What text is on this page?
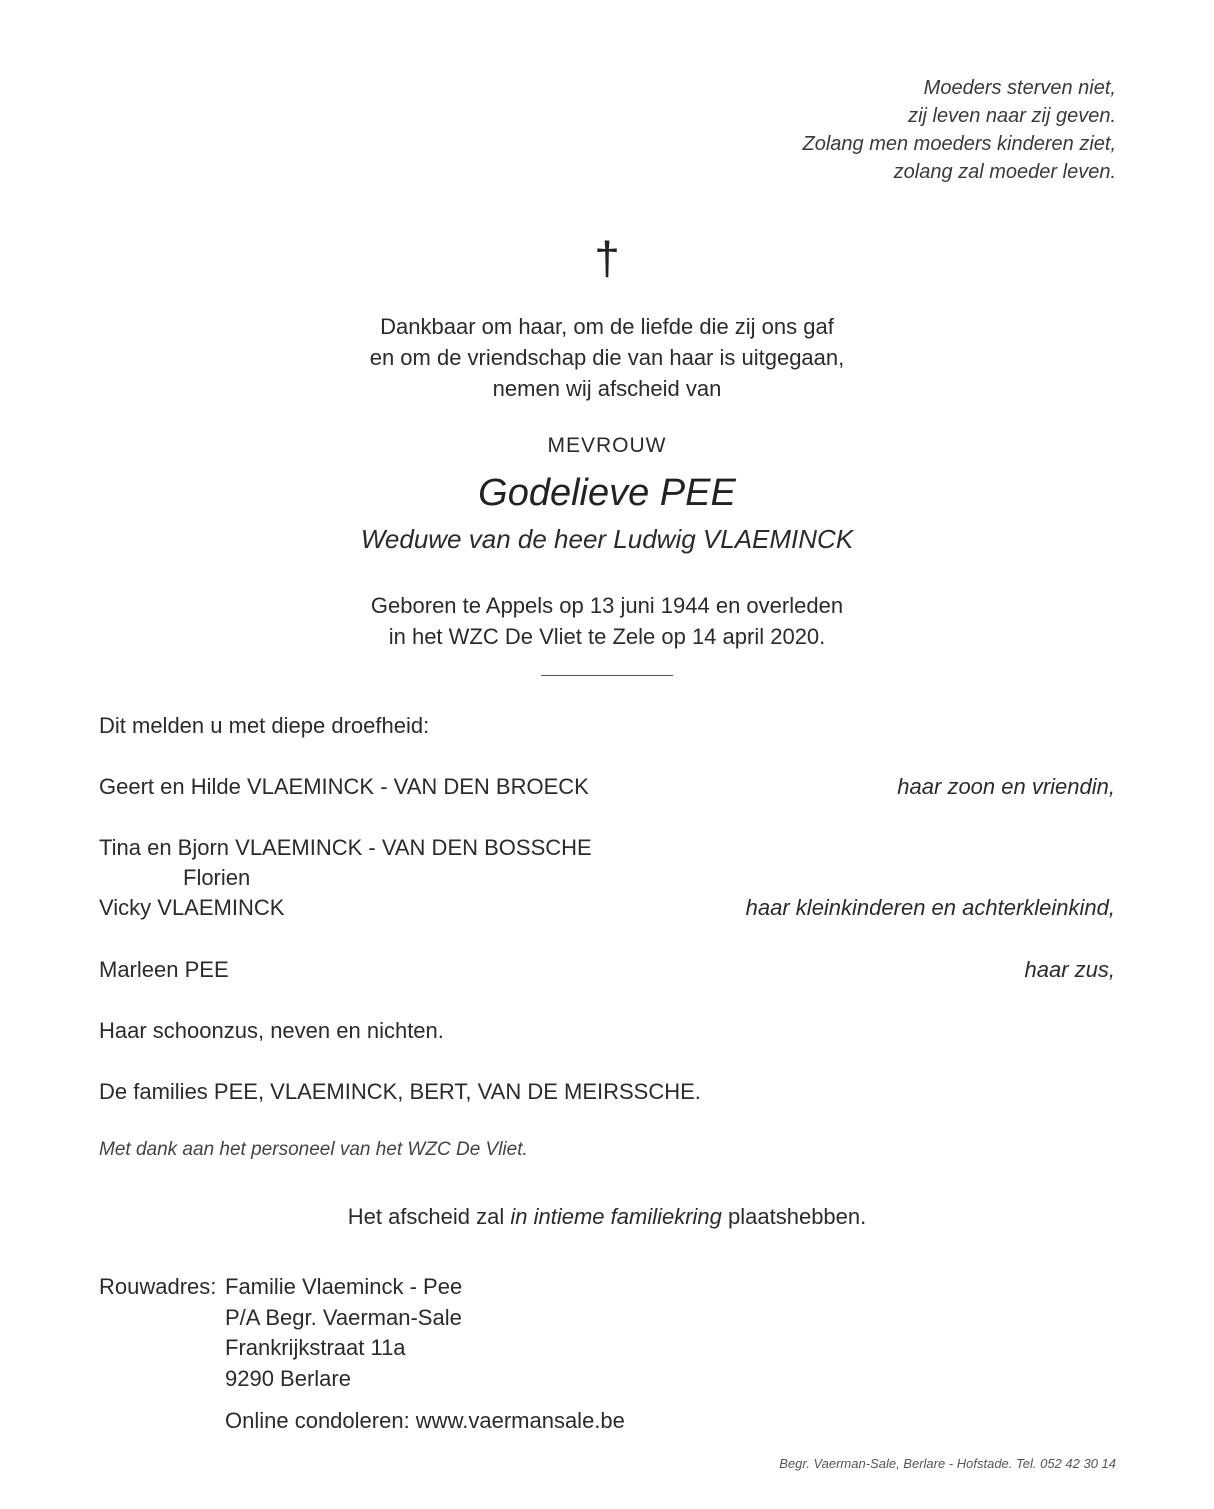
Moeders sterven niet,
zij leven naar zij geven.
Zolang men moeders kinderen ziet,
zolang zal moeder leven.
†
Dankbaar om haar, om de liefde die zij ons gaf
en om de vriendschap die van haar is uitgegaan,
nemen wij afscheid van
MEVROUW
Godelieve PEE
Weduwe van de heer Ludwig VLAEMINCK
Geboren te Appels op 13 juni 1944 en overleden
in het WZC De Vliet te Zele op 14 april 2020.
Dit melden u met diepe droefheid:
Geert en Hilde VLAEMINCK - VAN DEN BROECK	haar zoon en vriendin,
Tina en Bjorn VLAEMINCK - VAN DEN BOSSCHE
Florien
Vicky VLAEMINCK	haar kleinkinderen en achterkleinkind,
Marleen PEE	haar zus,
Haar schoonzus, neven en nichten.
De families PEE, VLAEMINCK, BERT, VAN DE MEIRSSCHE.
Met dank aan het personeel van het WZC De Vliet.
Het afscheid zal in intieme familiekring plaatshebben.
Rouwadres: Familie Vlaeminck - Pee
P/A Begr. Vaerman-Sale
Frankrijkstraat 11a
9290 Berlare
Online condoleren: www.vaermansale.be
Begr. Vaerman-Sale, Berlare - Hofstade. Tel. 052 42 30 14
